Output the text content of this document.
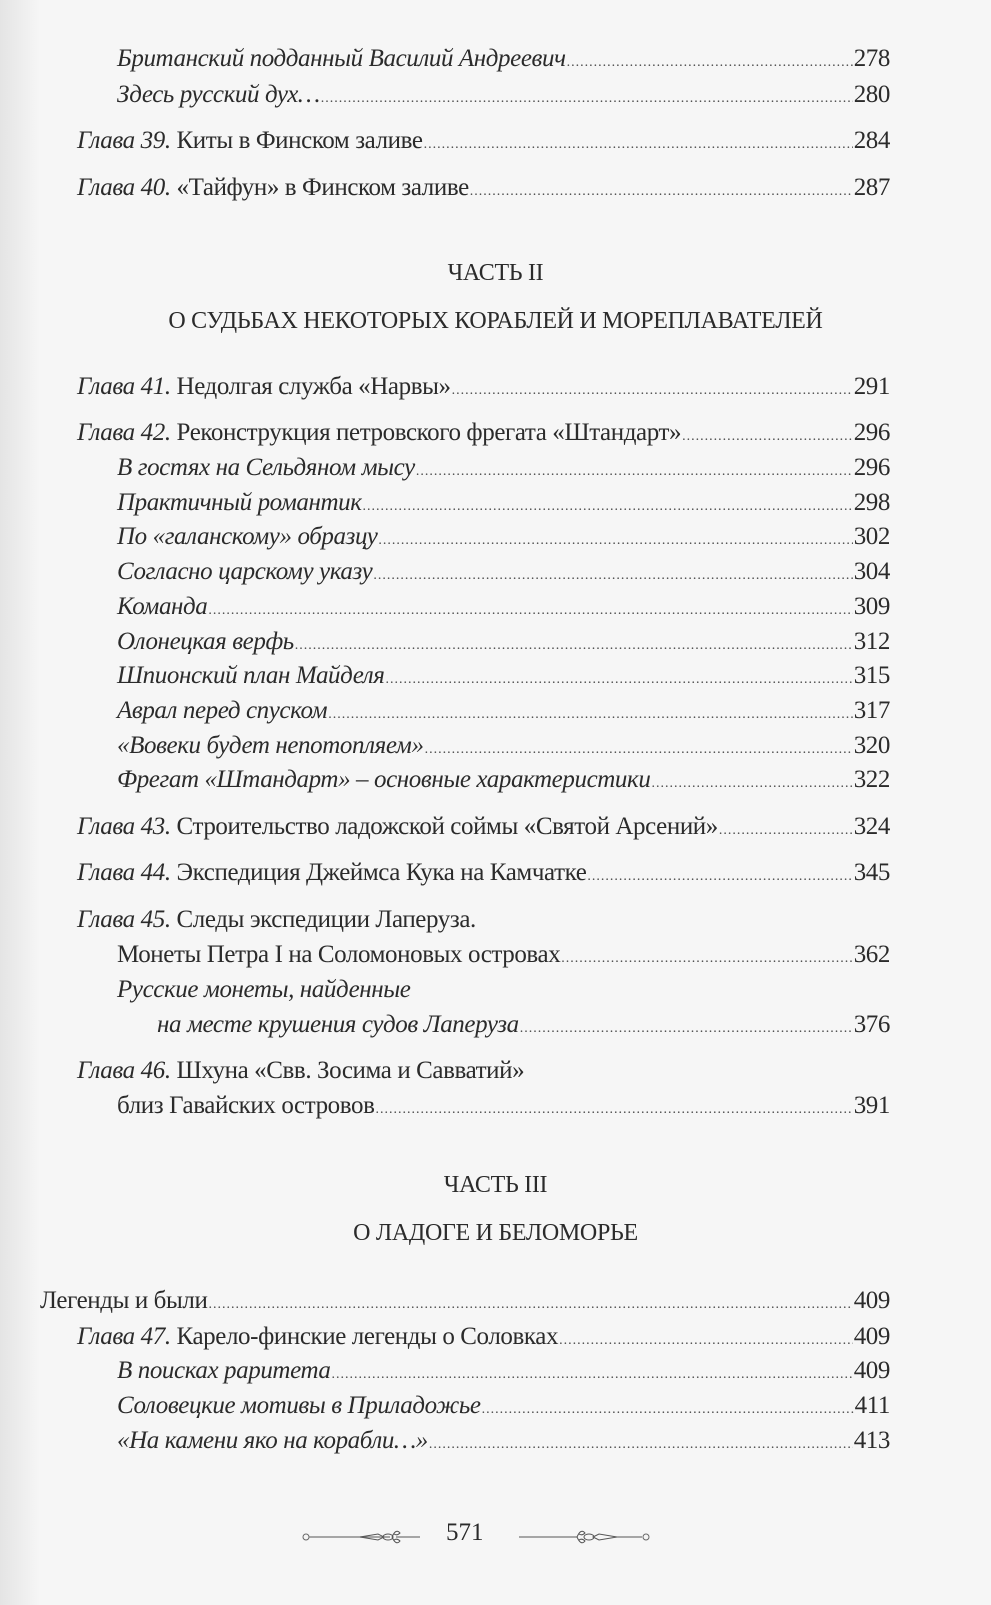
ЧАСТЬ II
О СУДЬБАХ НЕКОТОРЫХ КОРАБЛЕЙ И МОРЕПЛАВАТЕЛЕЙ
ЧАСТЬ III
О ЛАДОГЕ И БЕЛОМОРЬЕ
Британский подданный Василий Андреевич .....	278
Здесь русский дух… .....	280
Глава 39. Киты в Финском заливе .....	284
Глава 40. «Тайфун» в Финском заливе .....	287
Глава 41. Недолгая служба «Нарвы» .....	291
Глава 42. Реконструкция петровского фрегата «Штандарт» .....	296
В гостях на Сельдяном мысу .....	296
Практичный романтик .....	298
По «галанскому» образцу .....	302
Согласно царскому указу .....	304
Команда .....	309
Олонецкая верфь .....	312
Шпионский план Майделя .....	315
Аврал перед спуском .....	317
«Вовеки будет непотопляем» .....	320
Фрегат «Штандарт» – основные характеристики .....	322
Глава 43. Строительство ладожской соймы «Святой Арсений» .....	324
Глава 44. Экспедиция Джеймса Кука на Камчатке .....	345
Глава 45. Следы экспедиции Лаперуза.
Монеты Петра I на Соломоновых островах .....	362
Русские монеты, найденные
на месте крушения судов Лаперуза .....	376
Глава 46. Шхуна «Свв. Зосима и Савватий»
близ Гавайских островов .....	391
Легенды и были .....	409
Глава 47. Карело-финские легенды о Соловках .....	409
В поисках раритета .....	409
Соловецкие мотивы в Приладожье .....	411
«На камени яко на корабли…» .....	413
571
